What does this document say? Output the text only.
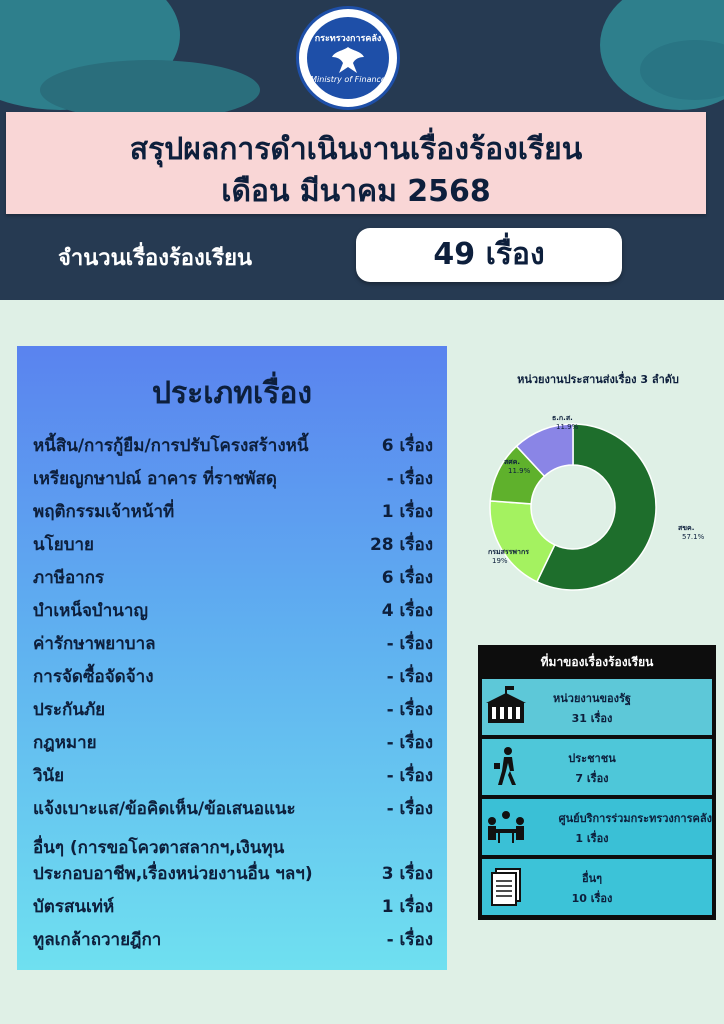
กระทรวงการคลัง
Ministry of Finance
สรุปผลการดำเนินงานเรื่องร้องเรียน
เดือน มีนาคม 2568
จำนวนเรื่องร้องเรียน	49 เรื่อง
ประเภทเรื่อง
หนี้สิน/การกู้ยืม/การปรับโครงสร้างหนี้	6 เรื่อง
เหรียญกษาปณ์ อาคาร ที่ราชพัสดุ	- เรื่อง
พฤติกรรมเจ้าหน้าที่	1 เรื่อง
นโยบาย	28 เรื่อง
ภาษีอากร	6 เรื่อง
บำเหน็จบำนาญ	4 เรื่อง
ค่ารักษาพยาบาล	- เรื่อง
การจัดซื้อจัดจ้าง	- เรื่อง
ประกันภัย	- เรื่อง
กฎหมาย	- เรื่อง
วินัย	- เรื่อง
แจ้งเบาะแส/ข้อคิดเห็น/ข้อเสนอแนะ	- เรื่อง
อื่นๆ (การขอโควตาสลากฯ,เงินทุน
ประกอบอาชีพ,เรื่องหน่วยงานอื่น ฯลฯ)	3 เรื่อง
บัตรสนเท่ห์	1 เรื่อง
ทูลเกล้าถวายฎีกา	- เรื่อง
หน่วยงานประสานส่งเรื่อง 3 ลำดับ
สขค.
57.1%
กรมสรรพากร
19%
สศค.
11.9%
ธ.ก.ส.
11.9%
ที่มาของเรื่องร้องเรียน
หน่วยงานของรัฐ
31 เรื่อง
ประชาชน
7 เรื่อง
ศูนย์บริการร่วมกระทรวงการคลัง
1 เรื่อง
อื่นๆ
10 เรื่อง
